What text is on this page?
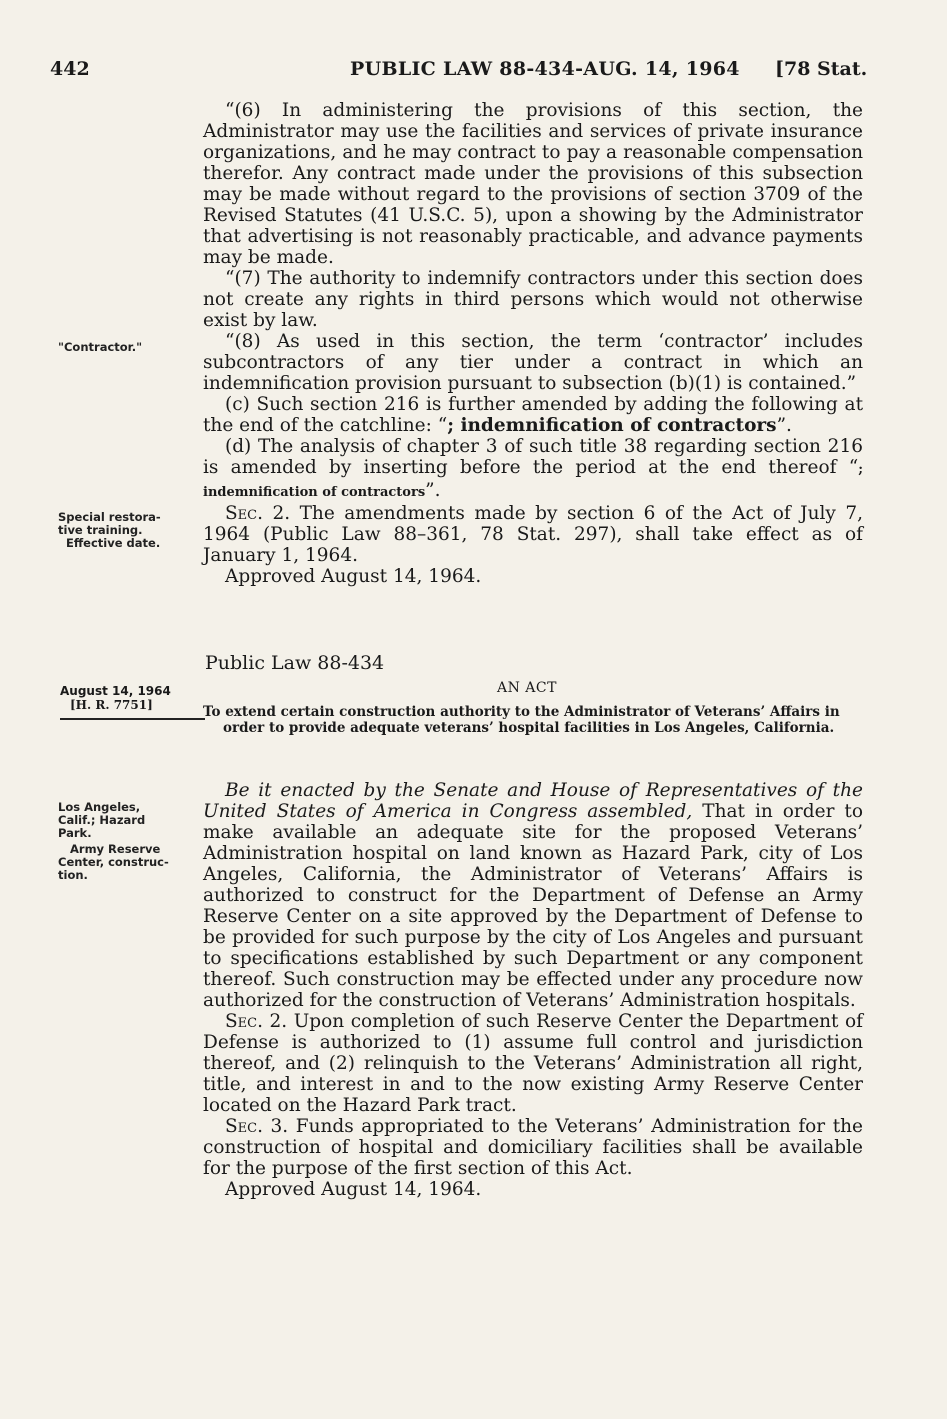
442	PUBLIC LAW 88-434-AUG. 14, 1964 [78 Stat.
"Contractor."
Special restora-
tive training.
Effective date.
August 14, 1964
[H. R. 7751]
Los Angeles,
Calif.; Hazard
Park.
Army Reserve
Center, construc-
tion.

“(6) In administering the provisions of this section, the Administrator may use the facilities and services of private insurance organizations, and he may contract to pay a reasonable compensation therefor. Any contract made under the provisions of this subsection may be made without regard to the provisions of section 3709 of the Revised Statutes (41 U.S.C. 5), upon a showing by the Administrator that advertising is not reasonably practicable, and advance payments may be made.

“(7) The authority to indemnify contractors under this section does not create any rights in third persons which would not otherwise exist by law.

“(8) As used in this section, the term ‘contractor’ includes subcontractors of any tier under a contract in which an indemnification provision pursuant to subsection (b)(1) is contained.”

(c) Such section 216 is further amended by adding the following at the end of the catchline: “; indemnification of contractors”.

(d) The analysis of chapter 3 of such title 38 regarding section 216 is amended by inserting before the period at the end thereof “; indemnification of contractors”.

Sec. 2. The amendments made by section 6 of the Act of July 7, 1964 (Public Law 88–361, 78 Stat. 297), shall take effect as of January 1, 1964.

Approved August 14, 1964.

Public Law 88-434
AN ACT
To extend certain construction authority to the Administrator of Veterans’ Affairs in order to provide adequate veterans’ hospital facilities in Los Angeles, California.

Be it enacted by the Senate and House of Representatives of the United States of America in Congress assembled, That in order to make available an adequate site for the proposed Veterans’ Administration hospital on land known as Hazard Park, city of Los Angeles, California, the Administrator of Veterans’ Affairs is authorized to construct for the Department of Defense an Army Reserve Center on a site approved by the Department of Defense to be provided for such purpose by the city of Los Angeles and pursuant to specifications established by such Department or any component thereof. Such construction may be effected under any procedure now authorized for the construction of Veterans’ Administration hospitals.

Sec. 2. Upon completion of such Reserve Center the Department of Defense is authorized to (1) assume full control and jurisdiction thereof, and (2) relinquish to the Veterans’ Administration all right, title, and interest in and to the now existing Army Reserve Center located on the Hazard Park tract.

Sec. 3. Funds appropriated to the Veterans’ Administration for the construction of hospital and domiciliary facilities shall be available for the purpose of the first section of this Act.

Approved August 14, 1964.
